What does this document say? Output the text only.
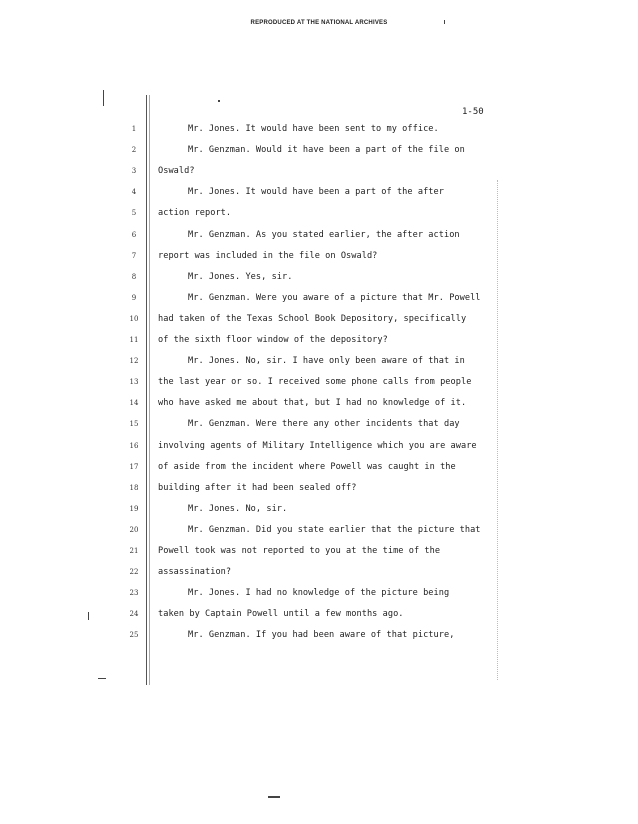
REPRODUCED AT THE NATIONAL ARCHIVES
1-50
1	Mr. Jones. It would have been sent to my office.
2	Mr. Genzman. Would it have been a part of the file on
3	Oswald?
4	Mr. Jones. It would have been a part of the after
5	action report.
6	Mr. Genzman. As you stated earlier, the after action
7	report was included in the file on Oswald?
8	Mr. Jones. Yes, sir.
9	Mr. Genzman. Were you aware of a picture that Mr. Powell
10	had taken of the Texas School Book Depository, specifically
11	of the sixth floor window of the depository?
12	Mr. Jones. No, sir. I have only been aware of that in
13	the last year or so. I received some phone calls from people
14	who have asked me about that, but I had no knowledge of it.
15	Mr. Genzman. Were there any other incidents that day
16	involving agents of Military Intelligence which you are aware
17	of aside from the incident where Powell was caught in the
18	building after it had been sealed off?
19	Mr. Jones. No, sir.
20	Mr. Genzman. Did you state earlier that the picture that
21	Powell took was not reported to you at the time of the
22	assassination?
23	Mr. Jones. I had no knowledge of the picture being
24	taken by Captain Powell until a few months ago.
25	Mr. Genzman. If you had been aware of that picture,
